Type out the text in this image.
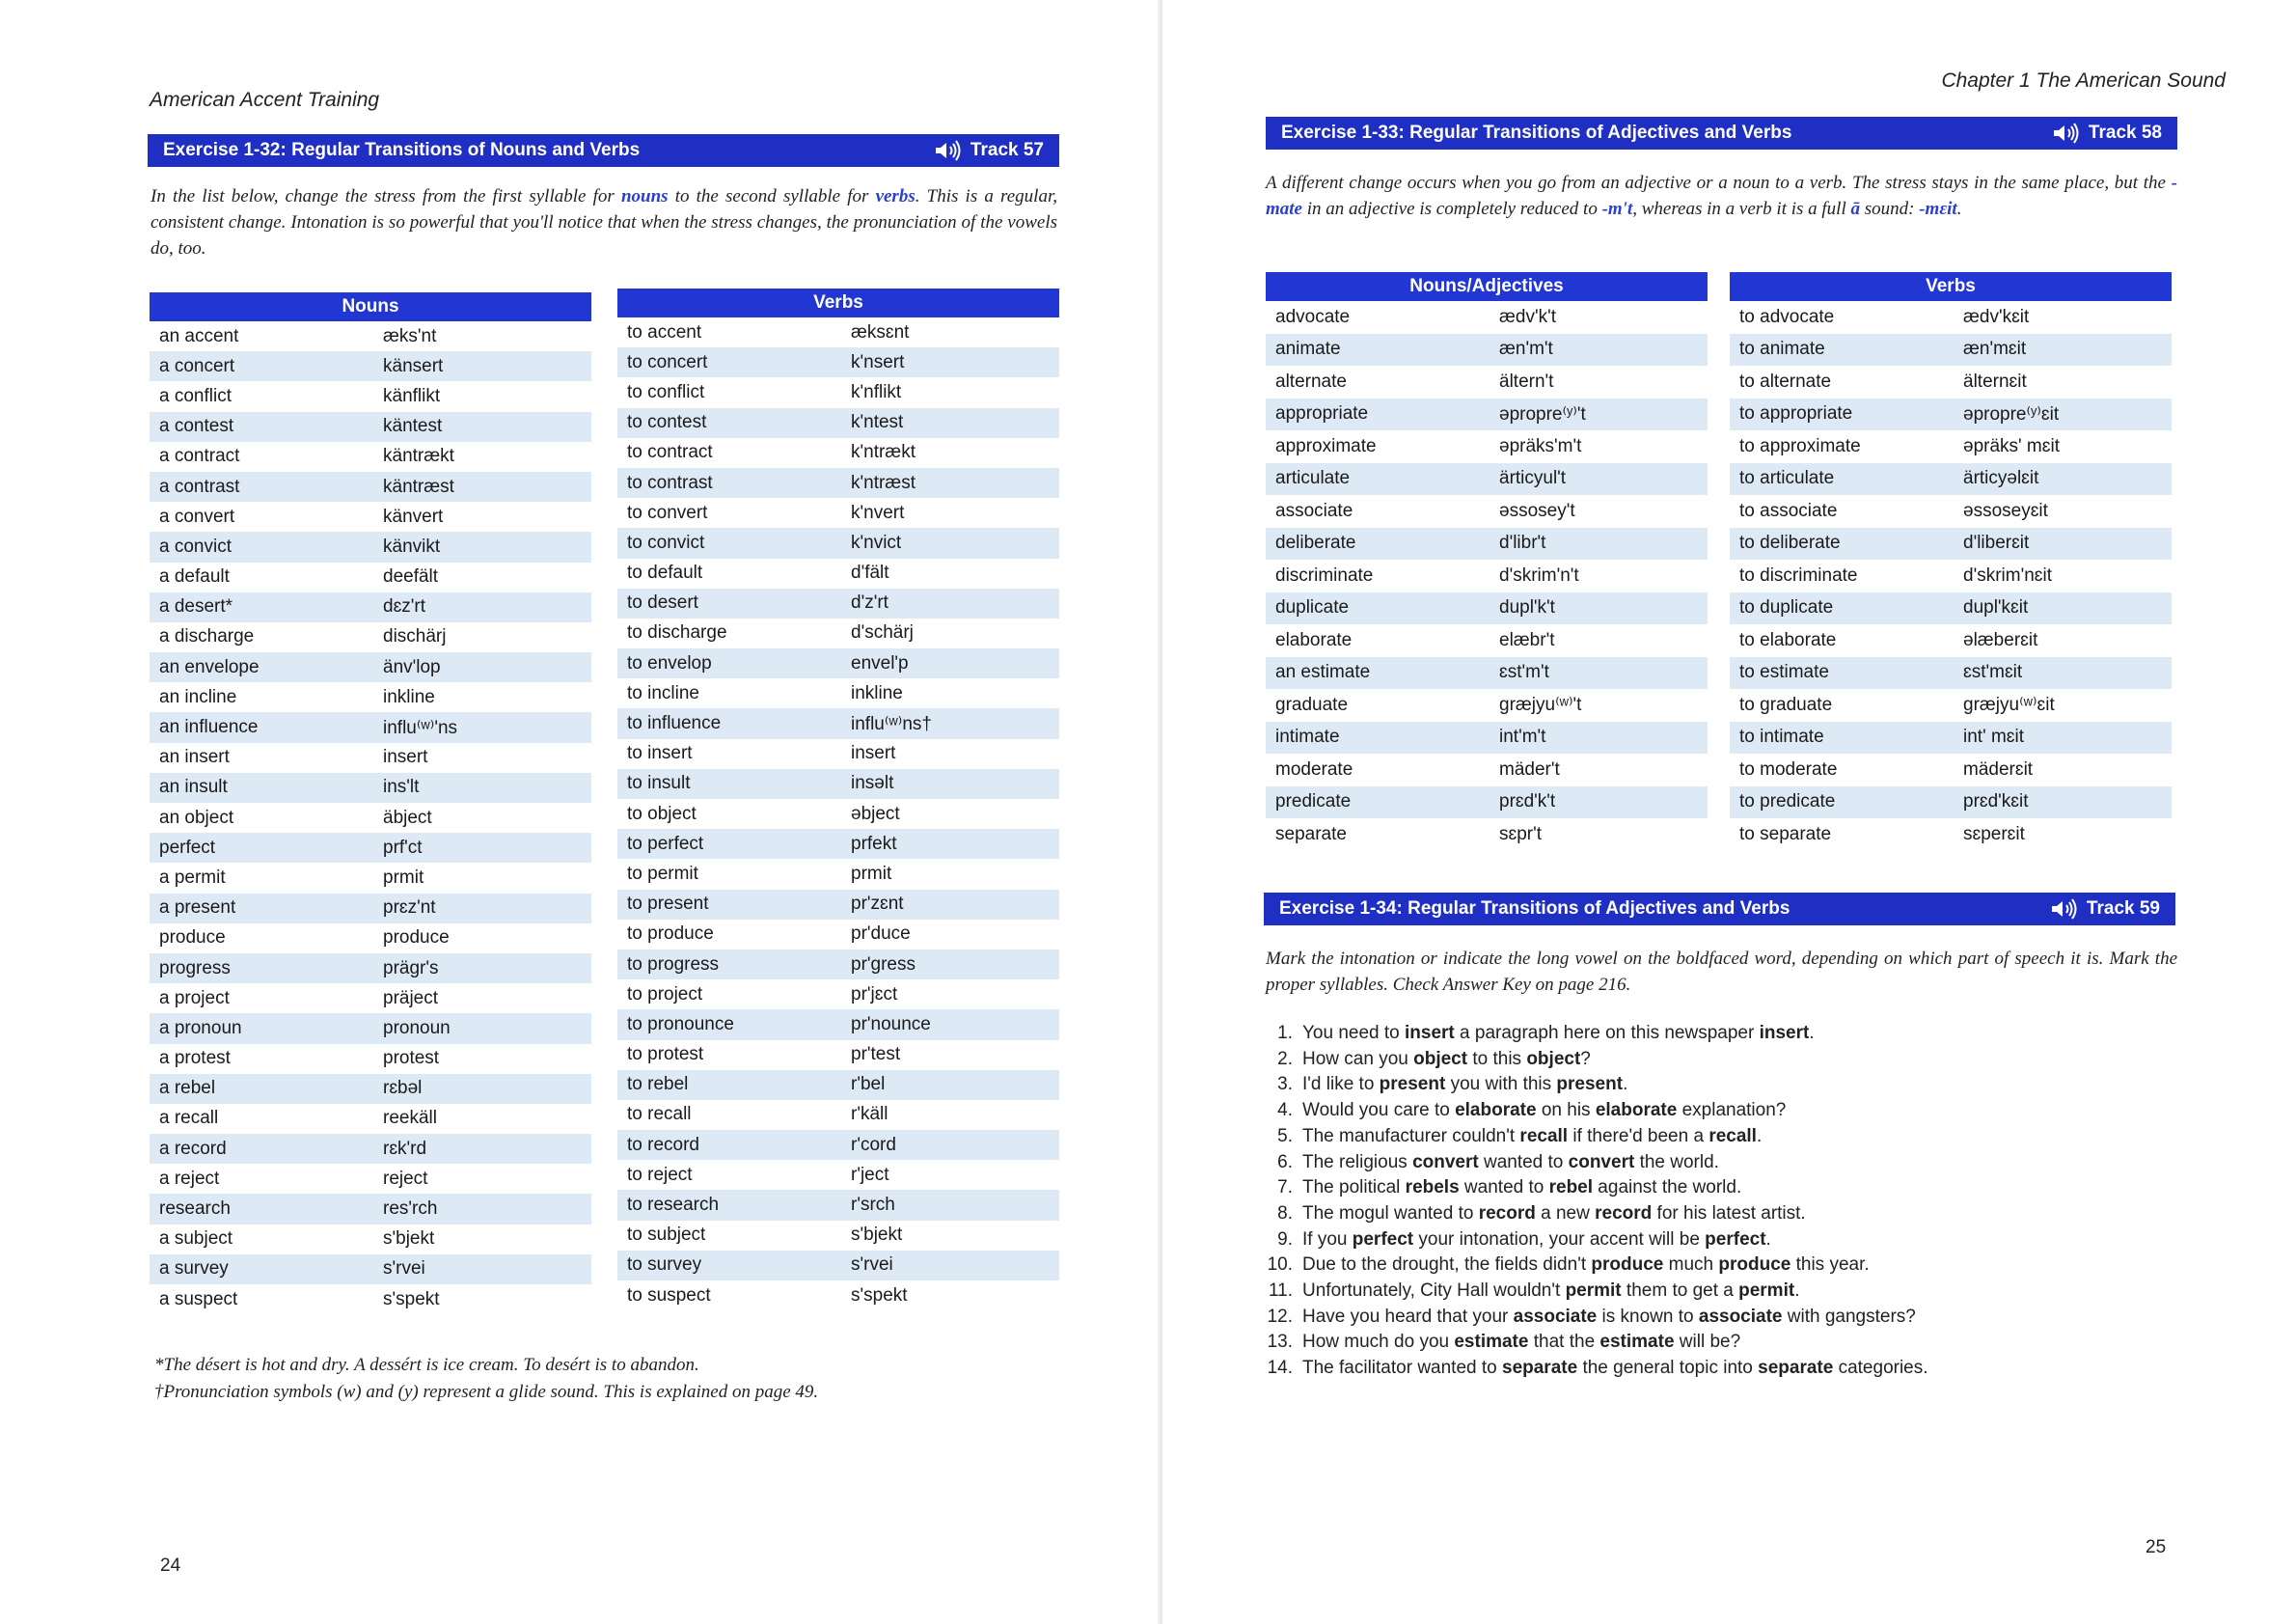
American Accent Training
Exercise 1-32: Regular Transitions of Nouns and Verbs	Track 57
In the list below, change the stress from the first syllable for nouns to the second syllable for verbs. This is a regular, consistent change. Intonation is so powerful that you'll notice that when the stress changes, the pronunciation of the vowels do, too.
Nouns
an accent	æks'nt
a concert	känsert
a conflict	känflikt
a contest	käntest
a contract	käntrækt
a contrast	käntræst
a convert	känvert
a convict	känvikt
a default	deefält
a desert*	dɛz'rt
a discharge	dischärj
an envelope	änv'lop
an incline	inkline
an influence	influ⁽ʷ⁾'ns
an insert	insert
an insult	ins'lt
an object	äbject
perfect	prf'ct
a permit	prmit
a present	prɛz'nt
produce	produce
progress	prägr's
a project	präject
a pronoun	pronoun
a protest	protest
a rebel	rɛbəl
a recall	reekäll
a record	rɛk'rd
a reject	reject
research	res'rch
a subject	s'bjekt
a survey	s'rvei
a suspect	s'spekt
Verbs
to accent	æksɛnt
to concert	k'nsert
to conflict	k'nflikt
to contest	k'ntest
to contract	k'ntrækt
to contrast	k'ntræst
to convert	k'nvert
to convict	k'nvict
to default	d'fält
to desert	d'z'rt
to discharge	d'schärj
to envelop	envel'p
to incline	inkline
to influence	influ⁽ʷ⁾ns†
to insert	insert
to insult	insəlt
to object	əbject
to perfect	prfekt
to permit	prmit
to present	pr'zɛnt
to produce	pr'duce
to progress	pr'gress
to project	pr'jɛct
to pronounce	pr'nounce
to protest	pr'test
to rebel	r'bel
to recall	r'käll
to record	r'cord
to reject	r'ject
to research	r'srch
to subject	s'bjekt
to survey	s'rvei
to suspect	s'spekt
*The désert is hot and dry. A dessért is ice cream. To desért is to abandon.
†Pronunciation symbols (w) and (y) represent a glide sound. This is explained on page 49.
24
Chapter 1 The American Sound
Exercise 1-33: Regular Transitions of Adjectives and Verbs	Track 58
A different change occurs when you go from an adjective or a noun to a verb. The stress stays in the same place, but the -mate in an adjective is completely reduced to -m't, whereas in a verb it is a full ā sound: -mɛit.
Nouns/Adjectives
advocate	ædv'k't
animate	æn'm't
alternate	ältern't
appropriate	əpropre⁽ʸ⁾'t
approximate	əpräks'm't
articulate	ärticyul't
associate	əssosey't
deliberate	d'libr't
discriminate	d'skrim'n't
duplicate	dupl'k't
elaborate	elæbr't
an estimate	ɛst'm't
graduate	græjyu⁽ʷ⁾'t
intimate	int'm't
moderate	mäder't
predicate	prɛd'k't
separate	sɛpr't
Verbs
to advocate	ædv'kɛit
to animate	æn'mɛit
to alternate	älternɛit
to appropriate	əpropre⁽ʸ⁾ɛit
to approximate	əpräks' mɛit
to articulate	ärticyəlɛit
to associate	əssoseyɛit
to deliberate	d'liberɛit
to discriminate	d'skrim'nɛit
to duplicate	dupl'kɛit
to elaborate	əlæberɛit
to estimate	ɛst'mɛit
to graduate	græjyu⁽ʷ⁾ɛit
to intimate	int' mɛit
to moderate	mäderɛit
to predicate	prɛd'kɛit
to separate	sɛperɛit
Exercise 1-34: Regular Transitions of Adjectives and Verbs	Track 59
Mark the intonation or indicate the long vowel on the boldfaced word, depending on which part of speech it is. Mark the proper syllables. Check Answer Key on page 216.
1. You need to insert a paragraph here on this newspaper insert.
2. How can you object to this object?
3. I'd like to present you with this present.
4. Would you care to elaborate on his elaborate explanation?
5. The manufacturer couldn't recall if there'd been a recall.
6. The religious convert wanted to convert the world.
7. The political rebels wanted to rebel against the world.
8. The mogul wanted to record a new record for his latest artist.
9. If you perfect your intonation, your accent will be perfect.
10. Due to the drought, the fields didn't produce much produce this year.
11. Unfortunately, City Hall wouldn't permit them to get a permit.
12. Have you heard that your associate is known to associate with gangsters?
13. How much do you estimate that the estimate will be?
14. The facilitator wanted to separate the general topic into separate categories.
25
